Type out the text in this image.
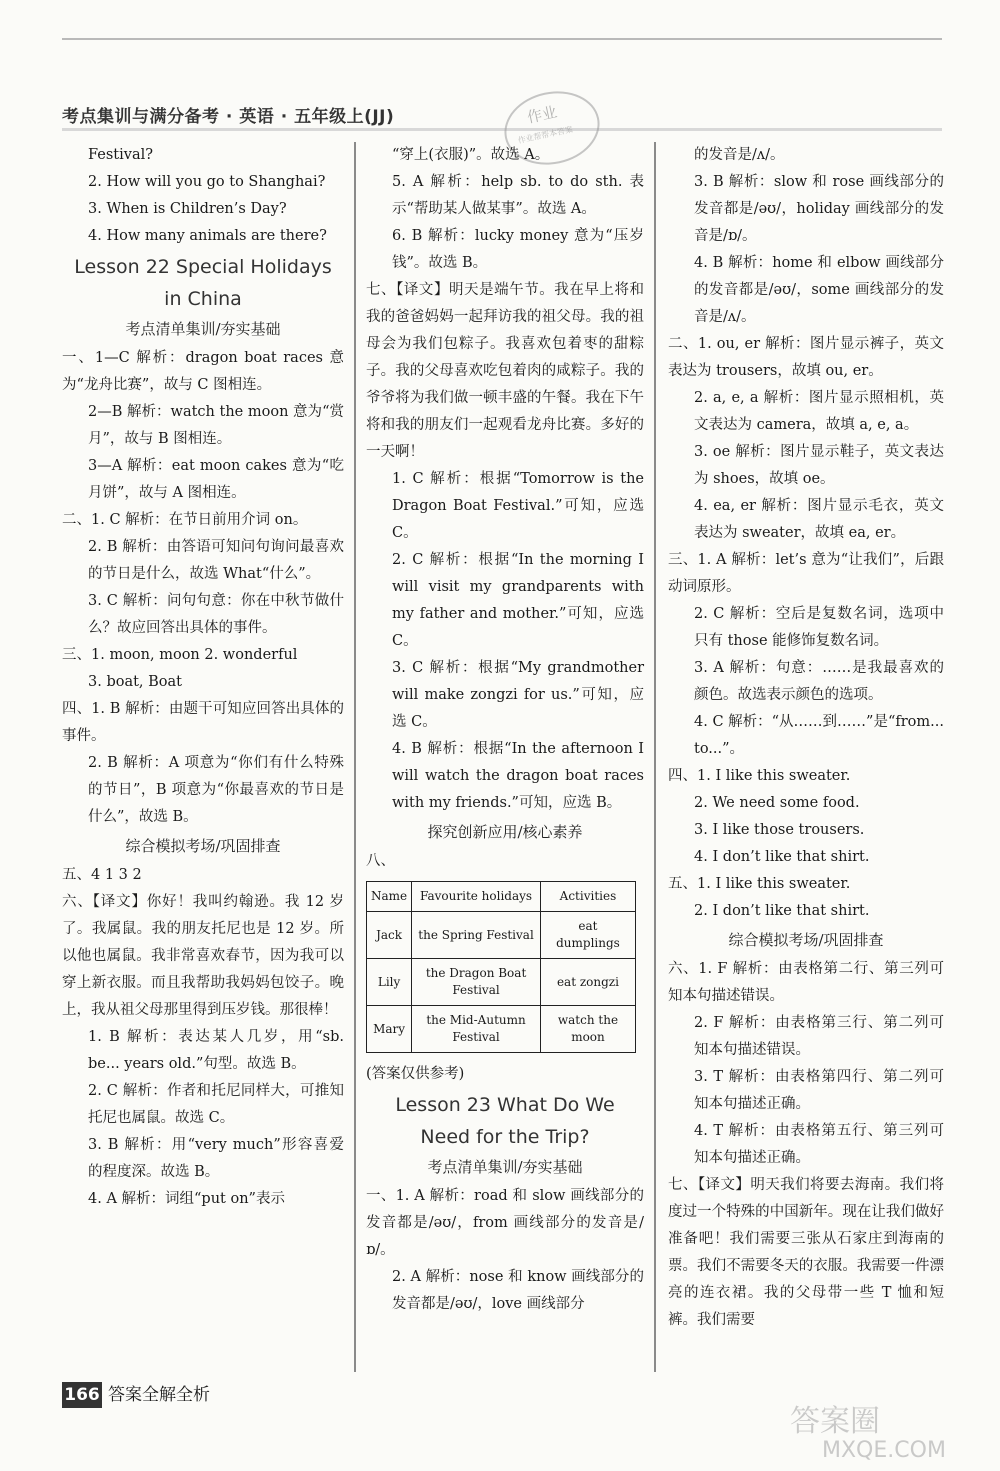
考点集训与满分备考 · 英语 · 五年级上(JJ)	作业
作业帮帮本答案

Festival?

2. How will you go to Shanghai?

3. When is Children’s Day?

4. How many animals are there?

Lesson 22 Special Holidays
in China
考点清单集训/夯实基础

一、1—C 解析：dragon boat races 意为“龙舟比赛”，故与 C 图相连。

2—B 解析：watch the moon 意为“赏月”，故与 B 图相连。

3—A 解析：eat moon cakes 意为“吃月饼”，故与 A 图相连。

二、1. C 解析：在节日前用介词 on。

2. B 解析：由答语可知问句询问最喜欢的节日是什么，故选 What“什么”。

3. C 解析：问句句意：你在中秋节做什么？故应回答出具体的事件。

三、1. moon, moon 2. wonderful

3. boat, Boat

四、1. B 解析：由题干可知应回答出具体的事件。

2. B 解析：A 项意为“你们有什么特殊的节日”，B 项意为“你最喜欢的节日是什么”，故选 B。

综合模拟考场/巩固排查

五、4 1 3 2

六、【译文】你好！我叫约翰逊。我 12 岁了。我属鼠。我的朋友托尼也是 12 岁。所以他也属鼠。我非常喜欢春节，因为我可以穿上新衣服。而且我帮助我妈妈包饺子。晚上，我从祖父母那里得到压岁钱。那很棒！

1. B 解析：表达某人几岁，用“sb. be... years old.”句型。故选 B。

2. C 解析：作者和托尼同样大，可推知托尼也属鼠。故选 C。

3. B 解析：用“very much”形容喜爱的程度深。故选 B。

4. A 解析：词组“put on”表示

“穿上(衣服)”。故选 A。

5. A 解析：help sb. to do sth. 表示“帮助某人做某事”。故选 A。

6. B 解析：lucky money 意为“压岁钱”。故选 B。

七、【译文】明天是端午节。我在早上将和我的爸爸妈妈一起拜访我的祖父母。我的祖母会为我们包粽子。我喜欢包着枣的甜粽子。我的父母喜欢吃包着肉的咸粽子。我的爷爷将为我们做一顿丰盛的午餐。我在下午将和我的朋友们一起观看龙舟比赛。多好的一天啊！

1. C 解析：根据“Tomorrow is the Dragon Boat Festival.”可知，应选 C。

2. C 解析：根据“In the morning I will visit my grandparents with my father and mother.”可知，应选 C。

3. C 解析：根据“My grandmother will make zongzi for us.”可知，应选 C。

4. B 解析：根据“In the afternoon I will watch the dragon boat races with my friends.”可知，应选 B。

探究创新应用/核心素养

八、

Name	Favourite holidays	Activities
Jack	the Spring Festival	eat dumplings
Lily	the Dragon Boat Festival	eat zongzi
Mary	the Mid-Autumn Festival	watch the moon

(答案仅供参考)

Lesson 23 What Do We
Need for the Trip?
考点清单集训/夯实基础

一、1. A 解析：road 和 slow 画线部分的发音都是/əʊ/，from 画线部分的发音是/ɒ/。

2. A 解析：nose 和 know 画线部分的发音都是/əʊ/，love 画线部分

的发音是/ʌ/。

3. B 解析：slow 和 rose 画线部分的发音都是/əʊ/，holiday 画线部分的发音是/ɒ/。

4. B 解析：home 和 elbow 画线部分的发音都是/əʊ/，some 画线部分的发音是/ʌ/。

二、1. ou, er 解析：图片显示裤子，英文表达为 trousers，故填 ou, er。

2. a, e, a 解析：图片显示照相机，英文表达为 camera，故填 a, e, a。

3. oe 解析：图片显示鞋子，英文表达为 shoes，故填 oe。

4. ea, er 解析：图片显示毛衣，英文表达为 sweater，故填 ea, er。

三、1. A 解析：let’s 意为“让我们”，后跟动词原形。

2. C 解析：空后是复数名词，选项中只有 those 能修饰复数名词。

3. A 解析：句意：……是我最喜欢的颜色。故选表示颜色的选项。

4. C 解析：“从……到……”是“from... to...”。

四、1. I like this sweater.

2. We need some food.

3. I like those trousers.

4. I don’t like that shirt.

五、1. I like this sweater.

2. I don’t like that shirt.

综合模拟考场/巩固排查

六、1. F 解析：由表格第二行、第三列可知本句描述错误。

2. F 解析：由表格第三行、第二列可知本句描述错误。

3. T 解析：由表格第四行、第二列可知本句描述正确。

4. T 解析：由表格第五行、第三列可知本句描述正确。

七、【译文】明天我们将要去海南。我们将度过一个特殊的中国新年。现在让我们做好准备吧！我们需要三张从石家庄到海南的票。我们不需要冬天的衣服。我需要一件漂亮的连衣裙。我的父母带一些 T 恤和短裤。我们需要

166 答案全解全析
答案圈
MXQE.COM
